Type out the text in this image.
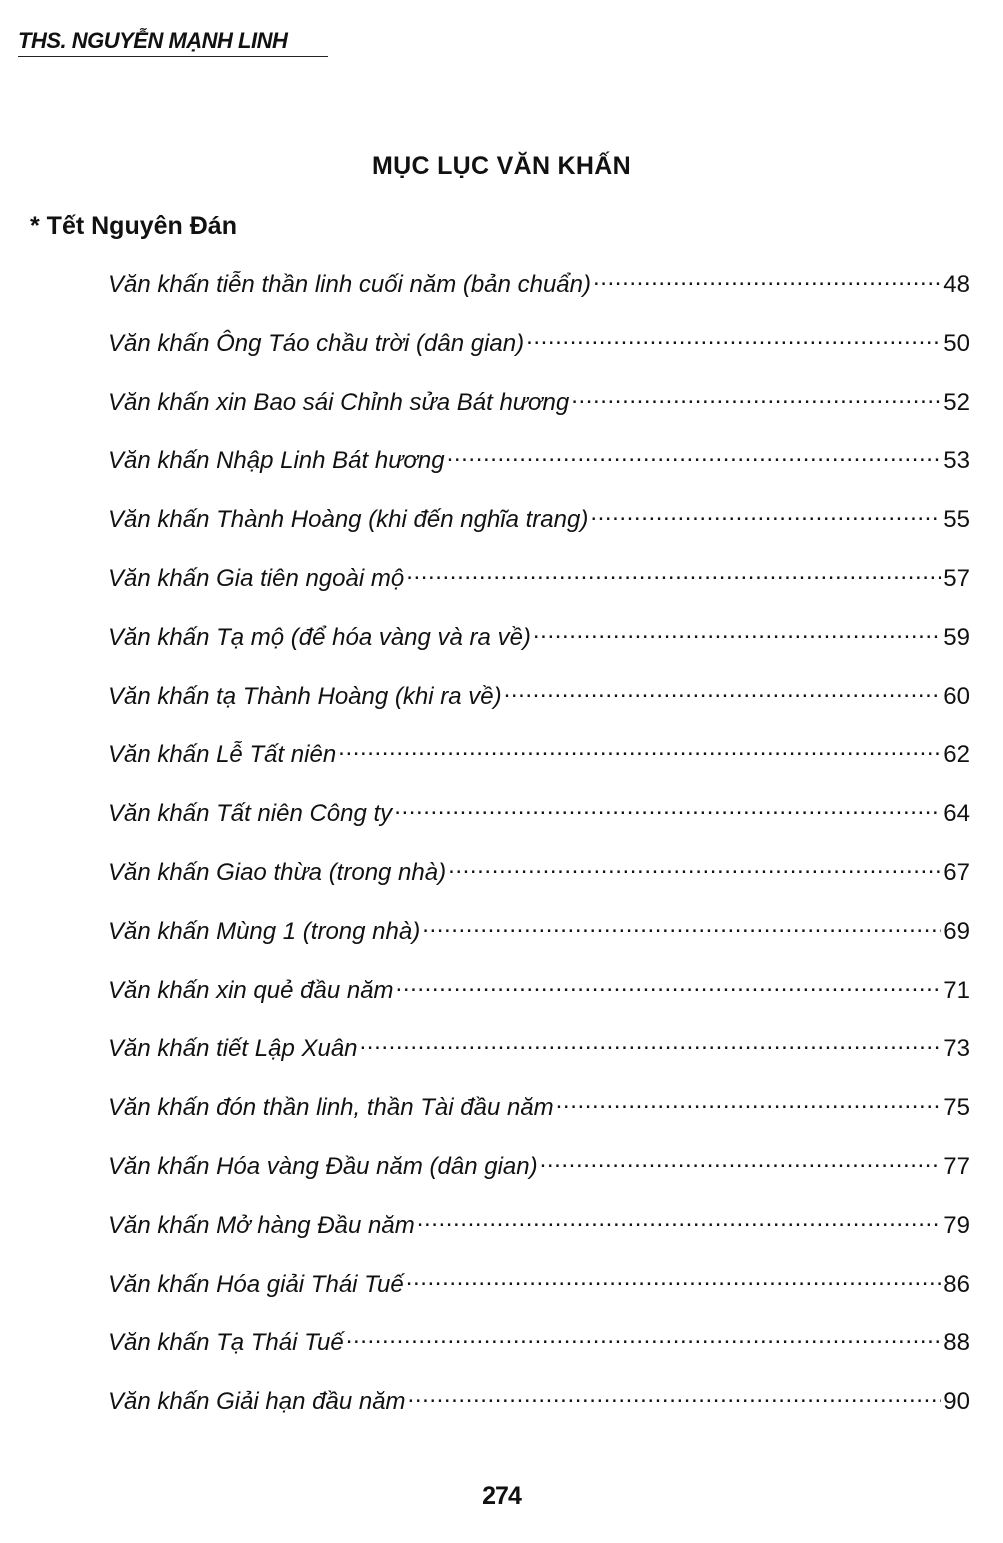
THS. NGUYỄN MẠNH LINH
MỤC LỤC VĂN KHẤN
* Tết Nguyên Đán
Văn khấn tiễn thần linh cuối năm (bản chuẩn) .....	48
Văn khấn Ông Táo chầu trời (dân gian) .....	50
Văn khấn xin Bao sái Chỉnh sửa Bát hương .....	52
Văn khấn Nhập Linh Bát hương .....	53
Văn khấn Thành Hoàng (khi đến nghĩa trang) .....	55
Văn khấn Gia tiên ngoài mộ .....	57
Văn khấn Tạ mộ (để hóa vàng và ra về) .....	59
Văn khấn tạ Thành Hoàng (khi ra về) .....	60
Văn khấn Lễ Tất niên .....	62
Văn khấn Tất niên Công ty .....	64
Văn khấn Giao thừa (trong nhà) .....	67
Văn khấn Mùng 1 (trong nhà) .....	69
Văn khấn xin quẻ đầu năm .....	71
Văn khấn tiết Lập Xuân .....	73
Văn khấn đón thần linh, thần Tài đầu năm .....	75
Văn khấn Hóa vàng Đầu năm (dân gian) .....	77
Văn khấn Mở hàng Đầu năm .....	79
Văn khấn Hóa giải Thái Tuế .....	86
Văn khấn Tạ Thái Tuế .....	88
Văn khấn Giải hạn đầu năm .....	90
274
